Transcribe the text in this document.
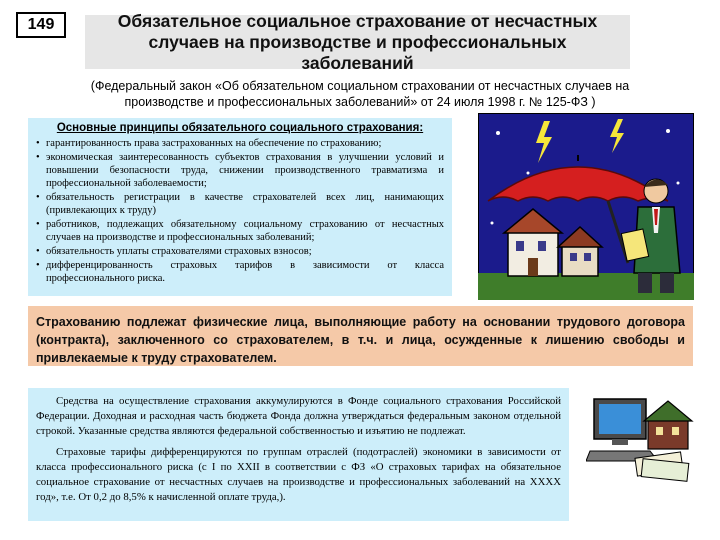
149	Обязательное социальное страхование от несчастных случаев на производстве и профессиональных заболеваний
(Федеральный закон «Об обязательном социальном страховании от несчастных случаев на производстве и профессиональных заболеваний» от 24 июля 1998 г. № 125-ФЗ )
Основные принципы обязательного социального страхования:
• гарантированность права застрахованных на обеспечение по страхованию;
• экономическая заинтересованность субъектов страхования в улучшении условий и повышении безопасности труда, снижении производственного травматизма и профессиональной заболеваемости;
• обязательность регистрации в качестве страхователей всех лиц, нанимающих (привлекающих к труду)
• работников, подлежащих обязательному социальному страхованию от несчастных случаев на производстве и профессиональных заболеваний;
• обязательность уплаты страхователями страховых взносов;
• дифференцированность страховых тарифов в зависимости от класса профессионального риска.
Страхованию подлежат физические лица, выполняющие работу на основании трудового договора (контракта), заключенного со страхователем, в т.ч. и лица, осужденные к лишению свободы и привлекаемые к труду страхователем.

Средства на осуществление страхования аккумулируются в Фонде социального страхования Российской Федерации. Доходная и расходная часть бюджета Фонда должна утверждаться федеральным законом отдельной строкой. Указанные средства являются федеральной собственностью и изъятию не подлежат.

Страховые тарифы дифференцируются по группам отраслей (подотраслей) экономики в зависимости от класса профессионального риска (с I по XXII в соответствии с ФЗ «О страховых тарифах на обязательное социальное страхование от несчастных случаев на производстве и профессиональных заболеваний на XXXX год», т.е. От 0,2 до 8,5% к начисленной оплате труда,).
